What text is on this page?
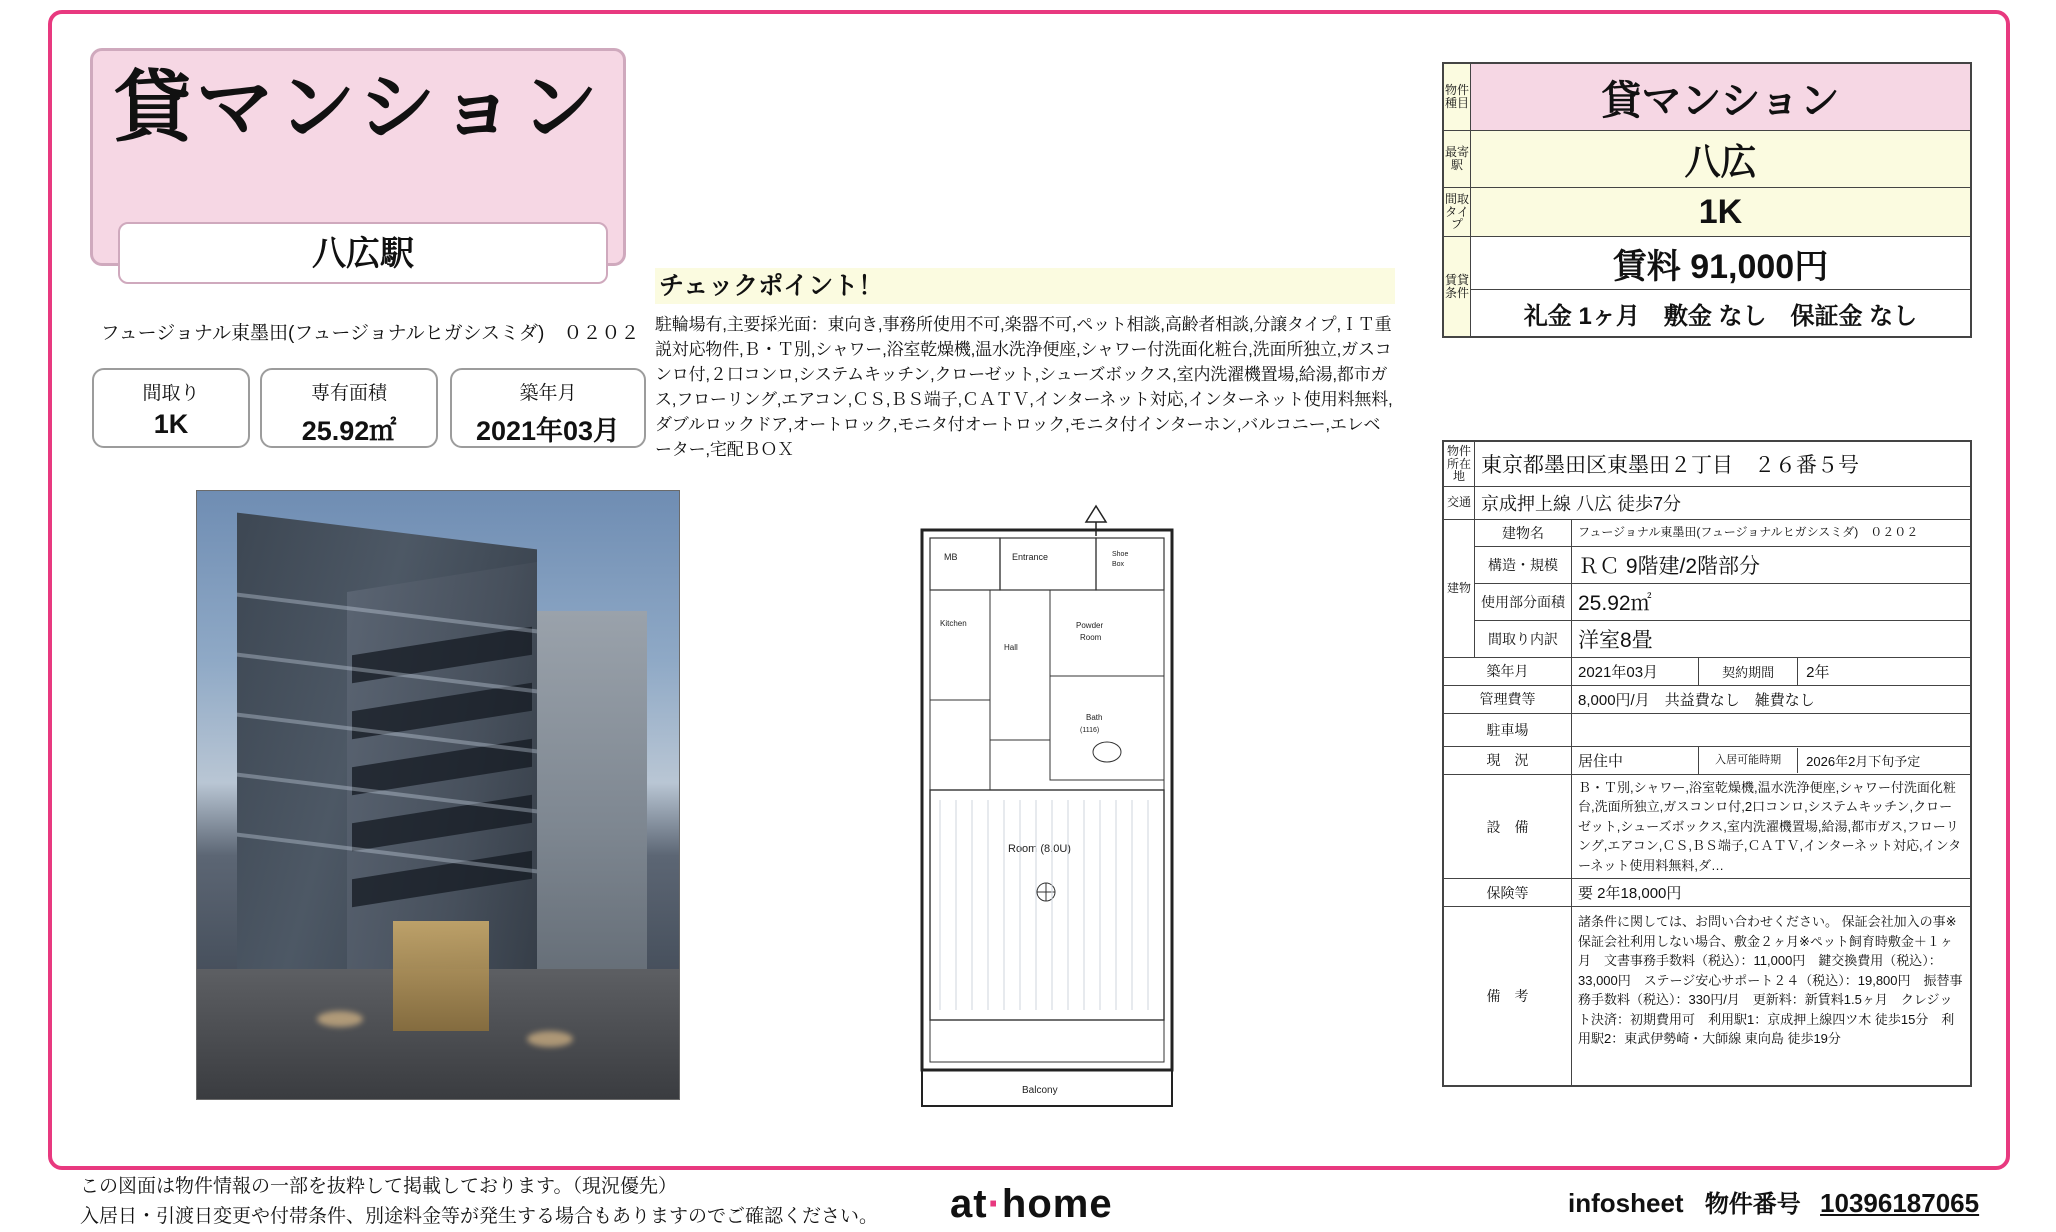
貸マンション
八広駅
フュージョナル東墨田(フュージョナルヒガシスミダ)　０２０２
間取り
1K
専有面積
25.92㎡
築年月
2021年03月
チェックポイント！
駐輪場有,主要採光面：東向き,事務所使用不可,楽器不可,ペット相談,高齢者相談,分譲タイプ,ＩＴ重説対応物件,Ｂ・Ｔ別,シャワー,浴室乾燥機,温水洗浄便座,シャワー付洗面化粧台,洗面所独立,ガスコンロ付,２口コンロ,システムキッチン,クローゼット,シューズボックス,室内洗濯機置場,給湯,都市ガス,フローリング,エアコン,ＣＳ,ＢＳ端子,ＣＡＴＶ,インターネット対応,インターネット使用料無料,ダブルロックドア,オートロック,モニタ付オートロック,モニタ付インターホン,バルコニー,エレベーター,宅配ＢＯＸ
MB	Entrance	Shoe
Box
Kitchen
Hall
Powder
Room
Bath
(1116)
Room (8.0U)
Balcony
物件種目	貸マンション
最寄駅	八広
間取タイプ	1K
賃貸条件	賃料 91,000円
	礼金 1ヶ月　敷金 なし　保証金 なし
物件所在地	東京都墨田区東墨田２丁目　２６番５号
交通	京成押上線 八広 徒歩7分
建物	建物名	フュージョナル東墨田(フュージョナルヒガシスミダ)　０２０２
構造・規模	ＲＣ 9階建/2階部分
使用部分面積	25.92㎡
間取り内訳	洋室8畳
築年月	2021年03月		契約期間	2年

管理費等	8,000円/月　共益費なし　雑費なし
駐車場	
現　況	居住中		入居可能時期	2026年2月下旬予定

設　備	Ｂ・Ｔ別,シャワー,浴室乾燥機,温水洗浄便座,シャワー付洗面化粧台,洗面所独立,ガスコンロ付,2口コンロ,システムキッチン,クローゼット,シューズボックス,室内洗濯機置場,給湯,都市ガス,フローリング,エアコン,ＣＳ,ＢＳ端子,ＣＡＴＶ,インターネット対応,インターネット使用料無料,ダ…
保険等	要 2年18,000円
備　考	諸条件に関しては、お問い合わせください。 保証会社加入の事※保証会社利用しない場合、敷金２ヶ月※ペット飼育時敷金＋１ヶ月　文書事務手数料（税込）：11,000円　鍵交換費用（税込）：33,000円　ステージ安心サポート２４（税込）：19,800円　振替事務手数料（税込）：330円/月　更新料：新賃料1.5ヶ月　クレジット決済：初期費用可　利用駅1：京成押上線四ツ木 徒歩15分　利用駅2：東武伊勢崎・大師線 東向島 徒歩19分
この図面は物件情報の一部を抜粋して掲載しております。（現況優先）
入居日・引渡日変更や付帯条件、別途料金等が発生する場合もありますのでご確認ください。	at·home	infosheet 物件番号 10396187065
